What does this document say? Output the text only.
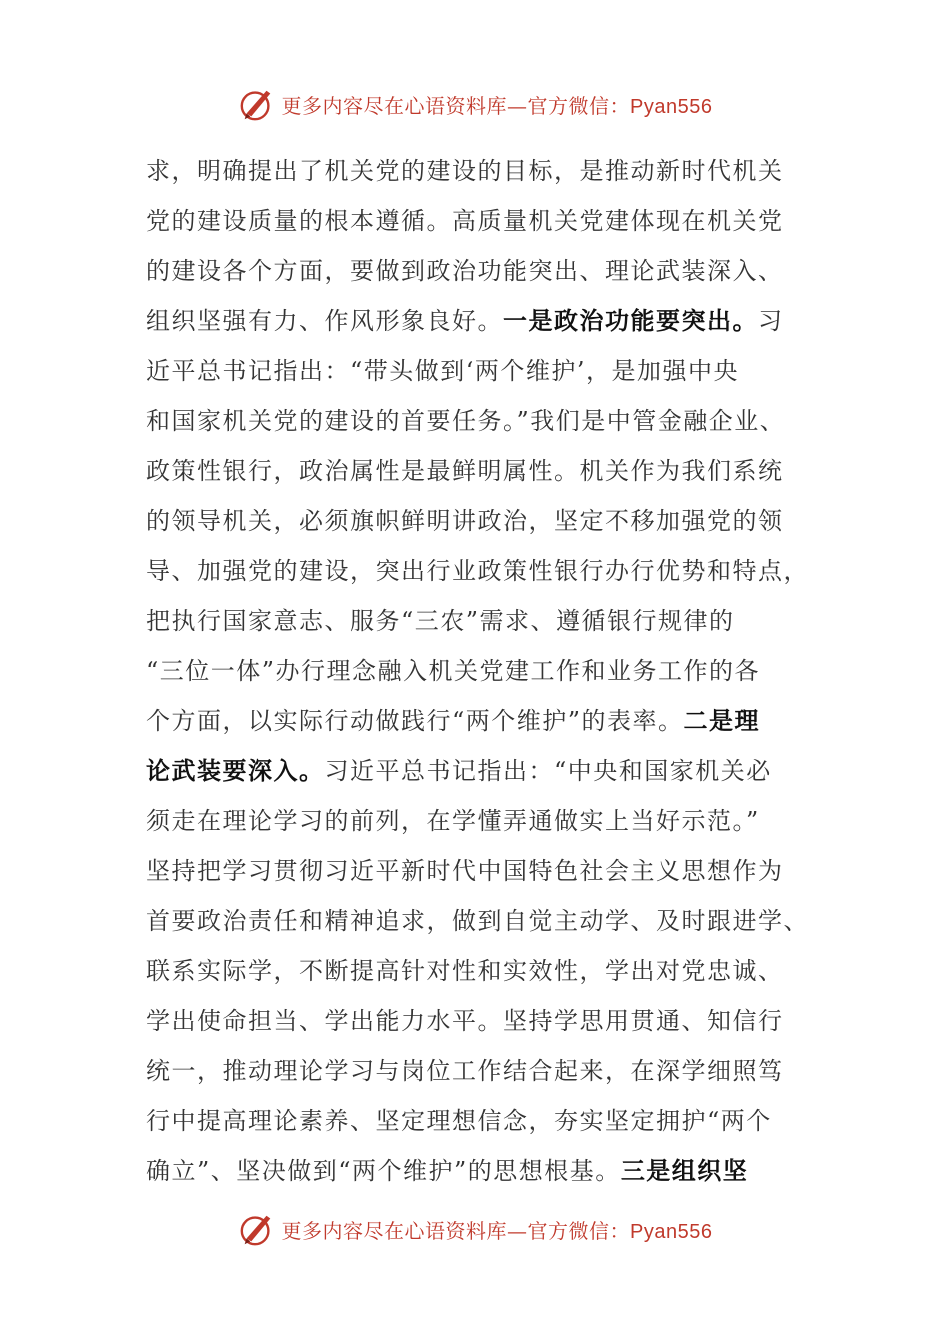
更多内容尽在心语资料库—官方微信：Pyan556
求，明确提出了机关党的建设的目标，是推动新时代机关
党的建设质量的根本遵循。高质量机关党建体现在机关党
的建设各个方面，要做到政治功能突出、理论武装深入、
组织坚强有力、作风形象良好。一是政治功能要突出。习
近平总书记指出：“带头做到‘两个维护’，是加强中央
和国家机关党的建设的首要任务。”我们是中管金融企业、
政策性银行，政治属性是最鲜明属性。机关作为我们系统
的领导机关，必须旗帜鲜明讲政治，坚定不移加强党的领
导、加强党的建设，突出行业政策性银行办行优势和特点，
把执行国家意志、服务“三农”需求、遵循银行规律的
“三位一体”办行理念融入机关党建工作和业务工作的各
个方面，以实际行动做践行“两个维护”的表率。二是理
论武装要深入。习近平总书记指出：“中央和国家机关必
须走在理论学习的前列，在学懂弄通做实上当好示范。”
坚持把学习贯彻习近平新时代中国特色社会主义思想作为
首要政治责任和精神追求，做到自觉主动学、及时跟进学、
联系实际学，不断提高针对性和实效性，学出对党忠诚、
学出使命担当、学出能力水平。坚持学思用贯通、知信行
统一，推动理论学习与岗位工作结合起来，在深学细照笃
行中提高理论素养、坚定理想信念，夯实坚定拥护“两个
确立”、坚决做到“两个维护”的思想根基。三是组织坚
更多内容尽在心语资料库—官方微信：Pyan556
